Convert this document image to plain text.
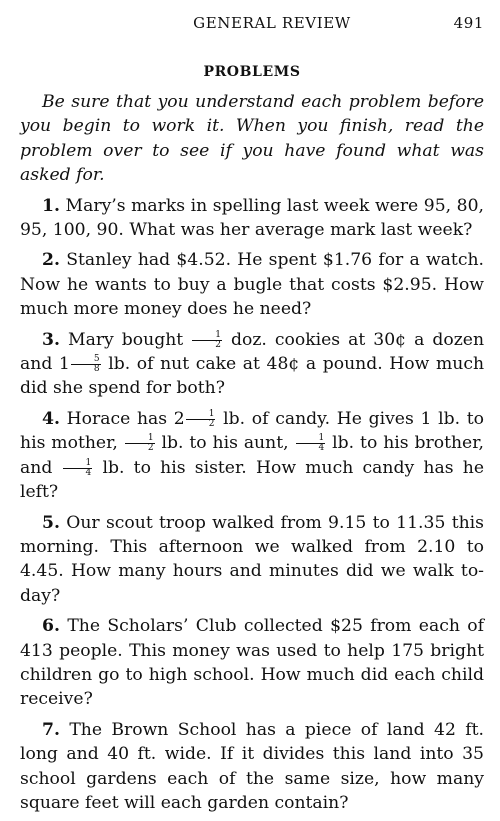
GENERAL REVIEW	491
PROBLEMS

Be sure that you understand each problem before you begin to work it. When you finish, read the problem over to see if you have found what was asked for.

1. Mary’s marks in spelling last week were 95, 80, 95, 100, 90. What was her average mark last week?

2. Stanley had $4.52. He spent $1.76 for a watch. Now he wants to buy a bugle that costs $2.95. How much more money does he need?

3. Mary bought $\frac{1}{2}$ doz. cookies at 30¢ a dozen and $1 \frac{5}{8}$ lb. of nut cake at 48¢ a pound. How much did she spend for both?

4. Horace has $2 \frac{1}{2}$ lb. of candy. He gives 1 lb. to his mother, $\frac{1}{2}$ lb. to his aunt, $\frac{1}{4}$ lb. to his brother, and $\frac{1}{4}$ lb. to his sister. How much candy has he left?

5. Our scout troop walked from 9.15 to 11.35 this morning. This afternoon we walked from 2.10 to 4.45. How many hours and minutes did we walk to-day?

6. The Scholars’ Club collected $25 from each of 413 people. This money was used to help 175 bright children go to high school. How much did each child receive?

7. The Brown School has a piece of land 42 ft. long and 40 ft. wide. If it divides this land into 35 school gardens each of the same size, how many square feet will each garden contain?
